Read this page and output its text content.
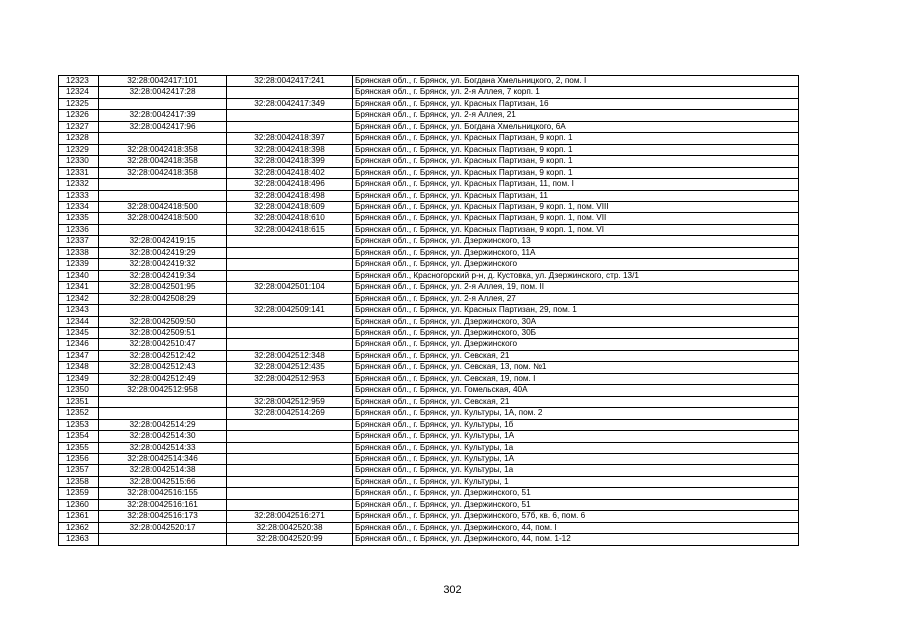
12323	32:28:0042417:101	32:28:0042417:241	Брянская обл., г. Брянск, ул. Богдана Хмельницкого, 2, пом. I
12324	32:28:0042417:28		Брянская обл., г. Брянск, ул. 2-я Аллея, 7 корп. 1
12325		32:28:0042417:349	Брянская обл., г. Брянск, ул. Красных Партизан, 16
12326	32:28:0042417:39		Брянская обл., г. Брянск, ул. 2-я Аллея, 21
12327	32:28:0042417:96		Брянская обл., г. Брянск, ул. Богдана Хмельницкого, 6А
12328		32:28:0042418:397	Брянская обл., г. Брянск, ул. Красных Партизан, 9 корп. 1
12329	32:28:0042418:358	32:28:0042418:398	Брянская обл., г. Брянск, ул. Красных Партизан, 9 корп. 1
12330	32:28:0042418:358	32:28:0042418:399	Брянская обл., г. Брянск, ул. Красных Партизан, 9 корп. 1
12331	32:28:0042418:358	32:28:0042418:402	Брянская обл., г. Брянск, ул. Красных Партизан, 9 корп. 1
12332		32:28:0042418:496	Брянская обл., г. Брянск, ул. Красных Партизан, 11, пом. I
12333		32:28:0042418:498	Брянская обл., г. Брянск, ул. Красных Партизан, 11
12334	32:28:0042418:500	32:28:0042418:609	Брянская обл., г. Брянск, ул. Красных Партизан, 9 корп. 1, пом. VIII
12335	32:28:0042418:500	32:28:0042418:610	Брянская обл., г. Брянск, ул. Красных Партизан, 9 корп. 1, пом. VII
12336		32:28:0042418:615	Брянская обл., г. Брянск, ул. Красных Партизан, 9 корп. 1, пом. VI
12337	32:28:0042419:15		Брянская обл., г. Брянск, ул. Дзержинского, 13
12338	32:28:0042419:29		Брянская обл., г. Брянск, ул. Дзержинского, 11А
12339	32:28:0042419:32		Брянская обл., г. Брянск, ул. Дзержинского
12340	32:28:0042419:34		Брянская обл., Красногорский р-н, д. Кустовка, ул. Дзержинского, стр. 13/1
12341	32:28:0042501:95	32:28:0042501:104	Брянская обл., г. Брянск, ул. 2-я Аллея, 19, пом. II
12342	32:28:0042508:29		Брянская обл., г. Брянск, ул. 2-я Аллея, 27
12343		32:28:0042509:141	Брянская обл., г. Брянск, ул. Красных Партизан, 29, пом. 1
12344	32:28:0042509:50		Брянская обл., г. Брянск, ул. Дзержинского, 30А
12345	32:28:0042509:51		Брянская обл., г. Брянск, ул. Дзержинского, 30Б
12346	32:28:0042510:47		Брянская обл., г. Брянск, ул. Дзержинского
12347	32:28:0042512:42	32:28:0042512:348	Брянская обл., г. Брянск, ул. Севская, 21
12348	32:28:0042512:43	32:28:0042512:435	Брянская обл., г. Брянск, ул. Севская, 13, пом. №1
12349	32:28:0042512:49	32:28:0042512:953	Брянская обл., г. Брянск, ул. Севская, 19, пом. I
12350	32:28:0042512:958		Брянская обл., г. Брянск, ул. Гомельская, 40А
12351		32:28:0042512:959	Брянская обл., г. Брянск, ул. Севская, 21
12352		32:28:0042514:269	Брянская обл., г. Брянск, ул. Культуры, 1А, пом. 2
12353	32:28:0042514:29		Брянская обл., г. Брянск, ул. Культуры, 1б
12354	32:28:0042514:30		Брянская обл., г. Брянск, ул. Культуры, 1А
12355	32:28:0042514:33		Брянская обл., г. Брянск, ул. Культуры, 1а
12356	32:28:0042514:346		Брянская обл., г. Брянск, ул. Культуры, 1А
12357	32:28:0042514:38		Брянская обл., г. Брянск, ул. Культуры, 1а
12358	32:28:0042515:66		Брянская обл., г. Брянск, ул. Культуры, 1
12359	32:28:0042516:155		Брянская обл., г. Брянск, ул. Дзержинского, 51
12360	32:28:0042516:161		Брянская обл., г. Брянск, ул. Дзержинского, 51
12361	32:28:0042516:173	32:28:0042516:271	Брянская обл., г. Брянск, ул. Дзержинского, 57б, кв. 6, пом. 6
12362	32:28:0042520:17	32:28:0042520:38	Брянская обл., г. Брянск, ул. Дзержинского, 44, пом. I
12363		32:28:0042520:99	Брянская обл., г. Брянск, ул. Дзержинского, 44, пом. 1-12
302
